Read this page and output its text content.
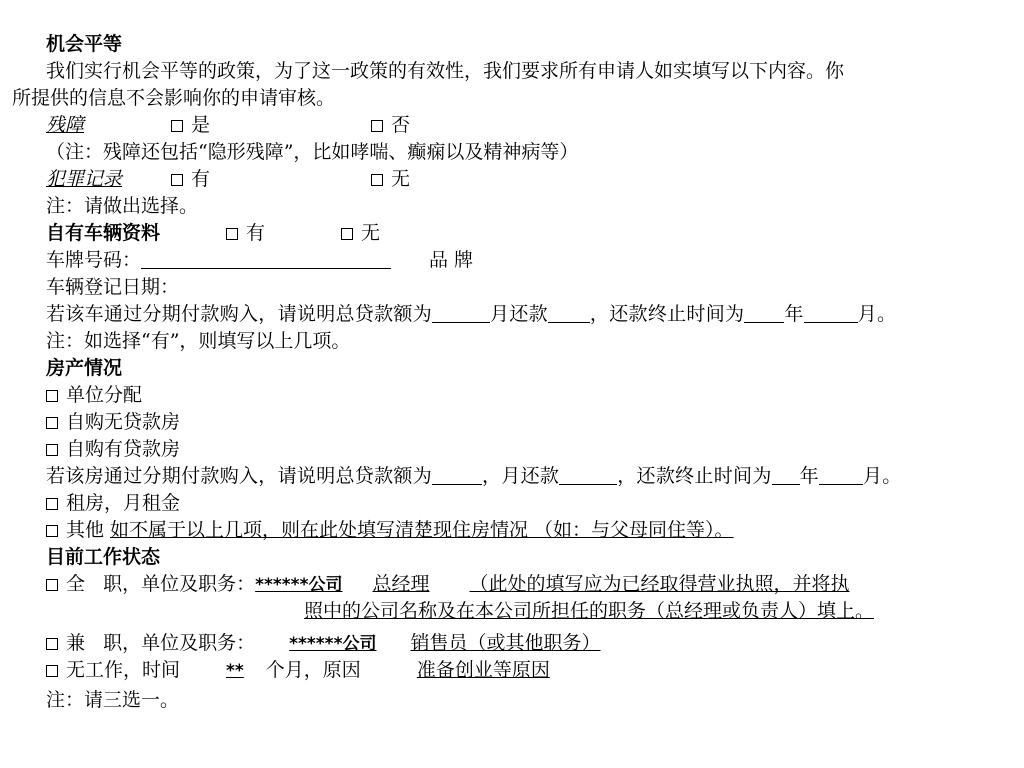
机会平等
我们实行机会平等的政策，为了这一政策的有效性，我们要求所有申请人如实填写以下内容。你
所提供的信息不会影响你的申请审核。
残障	是	否
（注：残障还包括“隐形残障”，比如哮喘、癫痫以及精神病等）
犯罪记录	有	无
注：请做出选择。
自有车辆资料	有	无
车牌号码：	品 牌
车辆登记日期：
若该车通过分期付款购入，请说明总贷款额为	月还款 ，还款终止时间为 年	月。
注：如选择“有”，则填写以上几项。
房产情况
单位分配
自购无贷款房
自购有贷款房
若该房通过分期付款购入，请说明总贷款额为	，月还款	，还款终止时间为 年 月。
租房，月租金
其他 如不属于以上几项，则在此处填写清楚现住房情况 （如：与父母同住等）。
目前工作状态
全   职，单位及职务：******公司 总经理 （此处的填写应为已经取得营业执照，并将执
照中的公司名称及在本公司所担任的职务（总经理或负责人）填上。
兼   职，单位及职务： ******公司 销售员（或其他职务）
无工作，时间	** 个月，原因	准备创业等原因
注：请三选一。
